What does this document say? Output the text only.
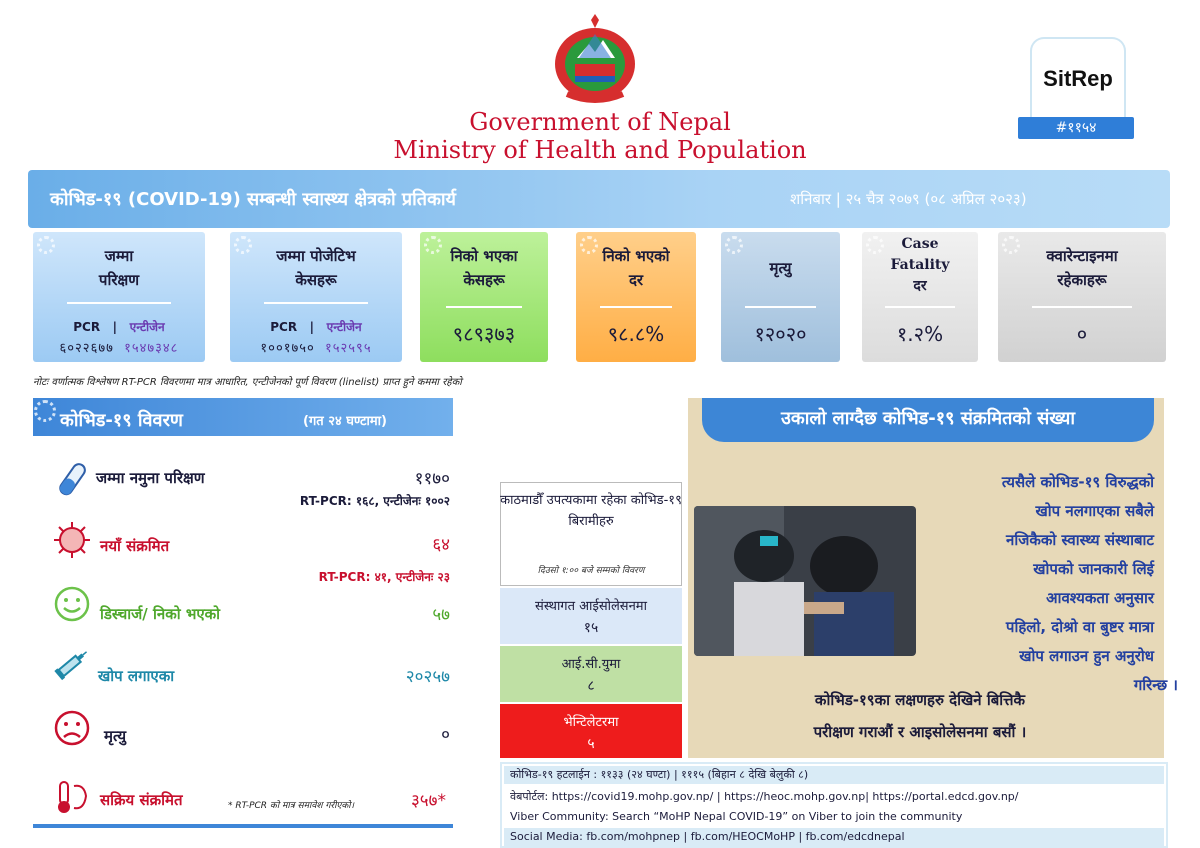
Government of Nepal
Ministry of Health and Population
SitRep
#११५४
कोभिड-१९ (COVID-19) सम्बन्धी स्वास्थ्य क्षेत्रको प्रतिकार्य	शनिबार | २५ चैत्र २०७९ (०८ अप्रिल २०२३)
जम्मा
परिक्षण
PCR | एन्टीजेन
६०२२६७७ १५४७३४८
जम्मा पोजेटिभ
केसहरू
PCR | एन्टीजेन
१००१७५० १५२५९५
निको भएका
केसहरू
९८९३७३
निको भएको
दर
९८.८%
मृत्यु
१२०२०
Case
Fatality
दर
१.२%
क्वारेन्टाइनमा
रहेकाहरू
०
नोटः वर्णात्मक विश्लेषण RT-PCR विवरणमा मात्र आधारित, एन्टीजेनको पूर्ण विवरण (linelist) प्राप्त हुने कममा रहेको
कोभिड-१९ विवरण	(गत २४ घण्टामा)
जम्मा नमुना परिक्षण	११७०
RT-PCR: १६८, एन्टीजेनः १००२
नयाँ संक्रमित	६४
RT-PCR: ४१, एन्टीजेनः २३
डिस्चार्ज/ निको भएको	५७
खोप लगाएका	२०२५७
मृत्यु	०
सक्रिय संक्रमित	* RT-PCR को मात्र समावेश गरीएको।	३५७*
काठमाडौँ उपत्यकामा रहेका कोभिड-१९ बिरामीहरु
दिउसो १:०० बजे सम्मको विवरण
संस्थागत आईसोलेसनमा
१५
आई.सी.युमा
८
भेन्टिलेटरमा
५
उकालो लाग्दैछ कोभिड-१९ संक्रमितको संख्या
त्यसैले कोभिड-१९ विरुद्धको
खोप नलगाएका सबैले
नजिकैको स्वास्थ्य संस्थाबाट
खोपको जानकारी लिई
आवश्यकता अनुसार
पहिलो, दोश्रो वा बुष्टर मात्रा
खोप लगाउन हुन अनुरोध
गरिन्छ ।
कोभिड-१९का लक्षणहरु देखिने बित्तिकै
परीक्षण गराऔं र आइसोलेसनमा बसौं ।
कोभिड-१९ हटलाईन : ११३३ (२४ घण्टा) | १११५ (बिहान ८ देखि बेलुकी ८)
वेबपोर्टल: https://covid19.mohp.gov.np/ | https://heoc.mohp.gov.np| https://portal.edcd.gov.np/
Viber Community: Search “MoHP Nepal COVID-19” on Viber to join the community
Social Media: fb.com/mohpnep | fb.com/HEOCMoHP | fb.com/edcdnepal
